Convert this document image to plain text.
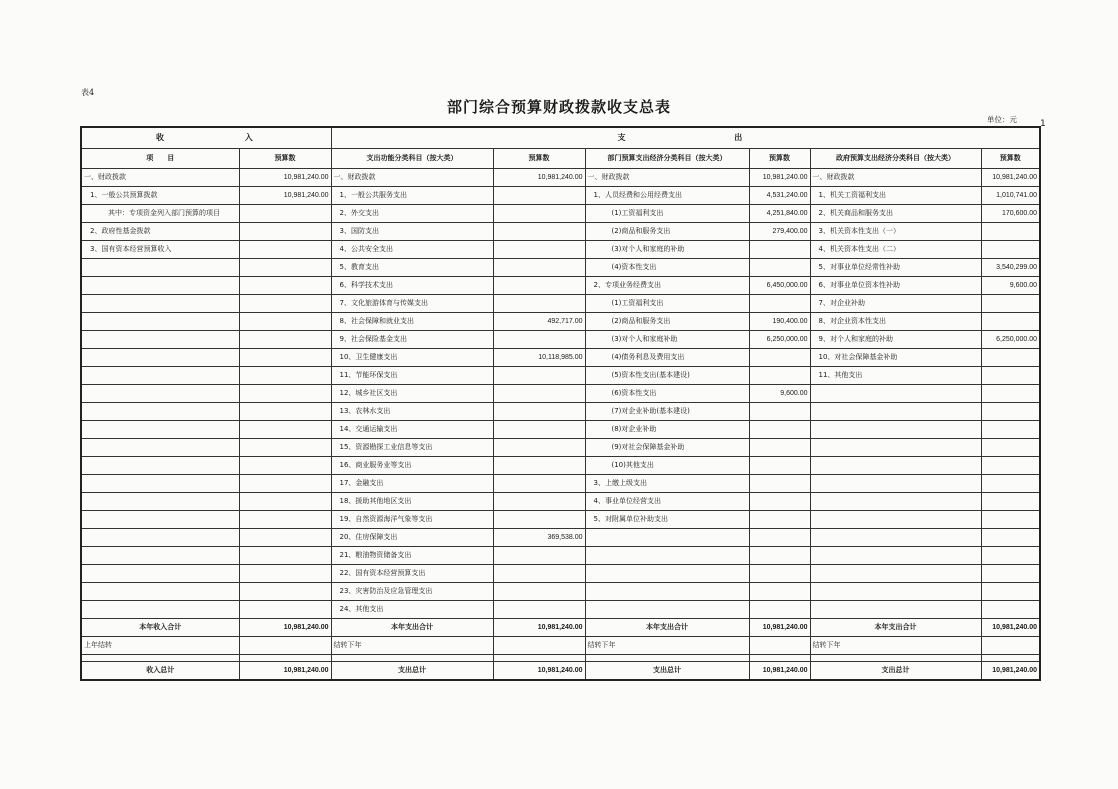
表4
部门综合预算财政拨款收支总表
单位：元	1
收 入		支 出					
项　　目	预算数	支出功能分类科目（按大类）	预算数	部门预算支出经济分类科目（按大类）	预算数	政府预算支出经济分类科目（按大类）	预算数
一、财政拨款	10,981,240.00	一、财政拨款	10,981,240.00	一、财政拨款	10,981,240.00	一、财政拨款	10,981,240.00
1、一般公共预算拨款	10,981,240.00	1、一般公共服务支出		1、人员经费和公用经费支出	4,531,240.00	1、机关工资福利支出	1,010,741.00
其中：专项资金列入部门预算的项目		2、外交支出		(1)工资福利支出	4,251,840.00	2、机关商品和服务支出	170,600.00
2、政府性基金拨款		3、国防支出		(2)商品和服务支出	279,400.00	3、机关资本性支出（一）	
3、国有资本经营预算收入		4、公共安全支出		(3)对个人和家庭的补助		4、机关资本性支出（二）	
		5、教育支出		(4)资本性支出		5、对事业单位经常性补助	3,540,299.00
		6、科学技术支出		2、专项业务经费支出	6,450,000.00	6、对事业单位资本性补助	9,600.00
		7、文化旅游体育与传媒支出		(1)工资福利支出		7、对企业补助	
		8、社会保障和就业支出	492,717.00	(2)商品和服务支出	190,400.00	8、对企业资本性支出	
		9、社会保险基金支出		(3)对个人和家庭补助	6,250,000.00	9、对个人和家庭的补助	6,250,000.00
		10、卫生健康支出	10,118,985.00	(4)债务利息及费用支出		10、对社会保障基金补助	
		11、节能环保支出		(5)资本性支出(基本建设)		11、其他支出	
		12、城乡社区支出		(6)资本性支出	9,600.00		
		13、农林水支出		(7)对企业补助(基本建设)			
		14、交通运输支出		(8)对企业补助			
		15、资源勘探工业信息等支出		(9)对社会保障基金补助			
		16、商业服务业等支出		(10)其他支出			
		17、金融支出		3、上缴上级支出			
		18、援助其他地区支出		4、事业单位经营支出			
		19、自然资源海洋气象等支出		5、对附属单位补助支出			
		20、住房保障支出	369,538.00				
		21、粮油物资储备支出					
		22、国有资本经营预算支出					
		23、灾害防治及应急管理支出					
		24、其他支出					
本年收入合计	10,981,240.00	本年支出合计	10,981,240.00	本年支出合计	10,981,240.00	本年支出合计	10,981,240.00
上年结转		结转下年		结转下年		结转下年	

收入总计	10,981,240.00	支出总计	10,981,240.00	支出总计	10,981,240.00	支出总计	10,981,240.00
